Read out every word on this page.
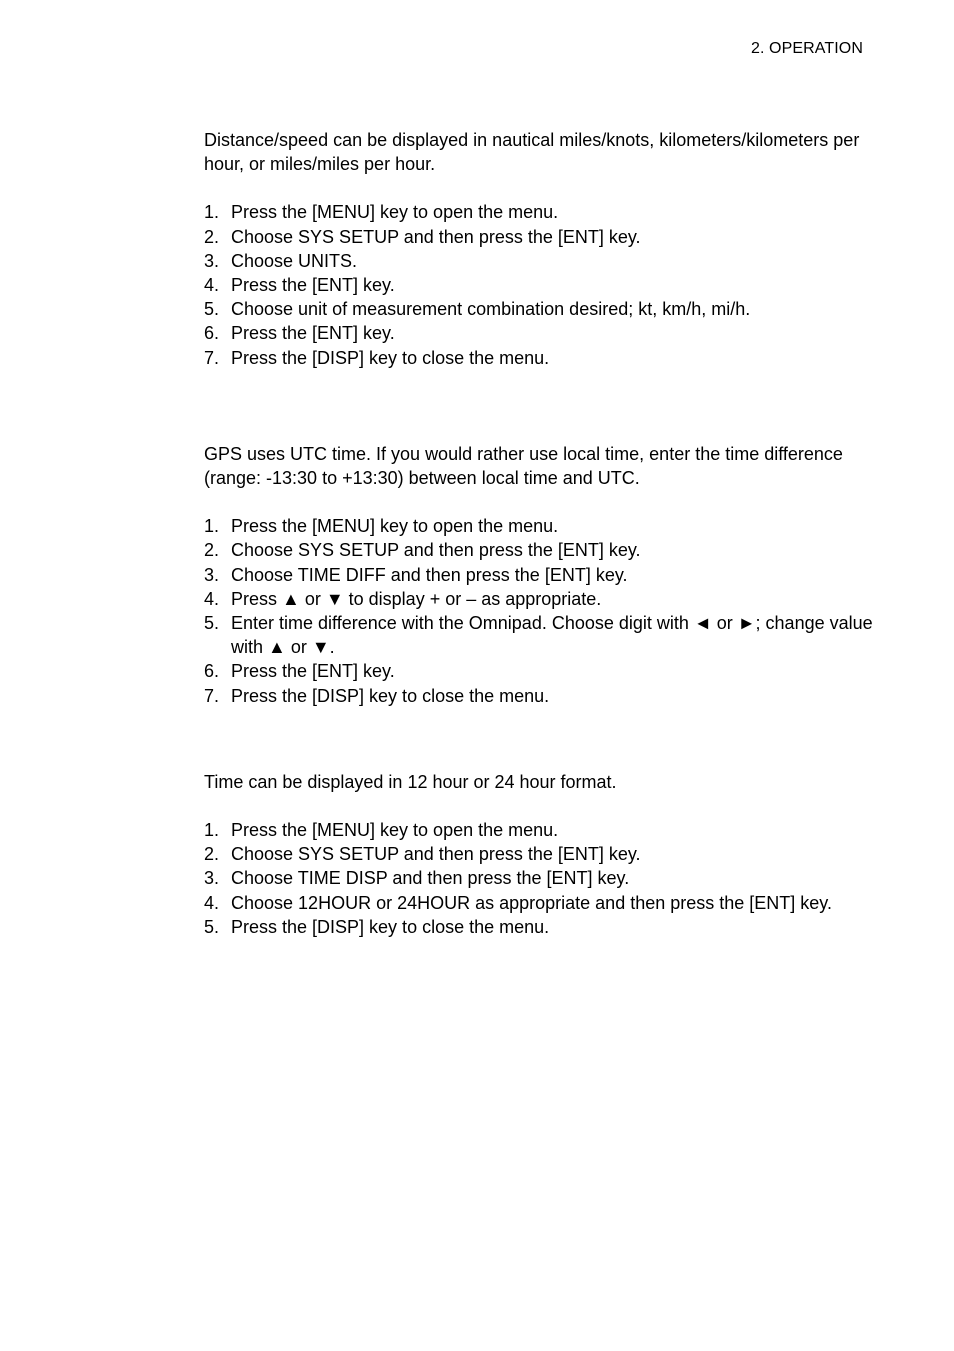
2. OPERATION

Distance/speed can be displayed in nautical miles/knots, kilometers/kilometers per hour, or miles/miles per hour.

1. Press the [MENU] key to open the menu.
2. Choose SYS SETUP and then press the [ENT] key.
3. Choose UNITS.
4. Press the [ENT] key.
5. Choose unit of measurement combination desired; kt, km/h, mi/h.
6. Press the [ENT] key.
7. Press the [DISP] key to close the menu.

GPS uses UTC time. If you would rather use local time, enter the time difference (range: -13:30 to +13:30) between local time and UTC.

1. Press the [MENU] key to open the menu.
2. Choose SYS SETUP and then press the [ENT] key.
3. Choose TIME DIFF and then press the [ENT] key.
4. Press ▲ or ▼ to display + or – as appropriate.
5. Enter time difference with the Omnipad. Choose digit with ◄ or ►; change value with ▲ or ▼.
6. Press the [ENT] key.
7. Press the [DISP] key to close the menu.

Time can be displayed in 12 hour or 24 hour format.

1. Press the [MENU] key to open the menu.
2. Choose SYS SETUP and then press the [ENT] key.
3. Choose TIME DISP and then press the [ENT] key.
4. Choose 12HOUR or 24HOUR as appropriate and then press the [ENT] key.
5. Press the [DISP] key to close the menu.
